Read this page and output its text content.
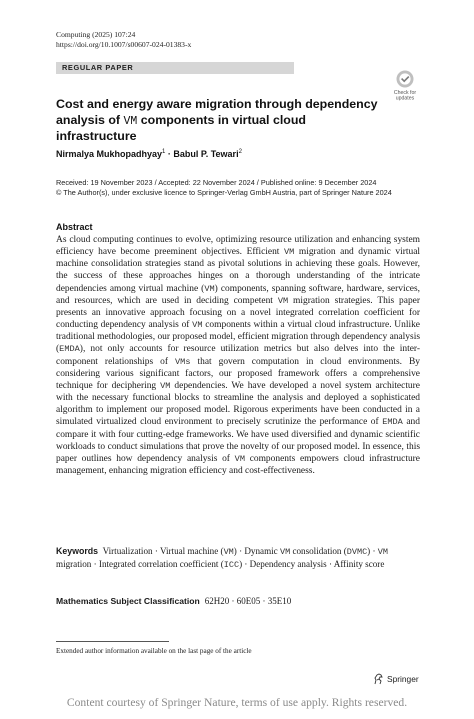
Computing (2025) 107:24
https://doi.org/10.1007/s00607-024-01383-x
REGULAR PAPER
Check for
updates
Cost and energy aware migration through dependency analysis of VM components in virtual cloud infrastructure
Nirmalya Mukhopadhyay$^1$ · Babul P. Tewari$^2$
Received: 19 November 2023 / Accepted: 22 November 2024 / Published online: 9 December 2024
© The Author(s), under exclusive licence to Springer-Verlag GmbH Austria, part of Springer Nature 2024
Abstract
As cloud computing continues to evolve, optimizing resource utilization and enhancing system efficiency have become preeminent objectives. Efficient VM migration and dynamic virtual machine consolidation strategies stand as pivotal solutions in achieving these goals. However, the success of these approaches hinges on a thorough understanding of the intricate dependencies among virtual machine (VM) components, spanning software, hardware, services, and resources, which are used in deciding competent VM migration strategies. This paper presents an innovative approach focusing on a novel integrated correlation coefficient for conducting dependency analysis of VM components within a virtual cloud infrastructure. Unlike traditional methodologies, our proposed model, efficient migration through dependency analysis (EMDA), not only accounts for resource utilization metrics but also delves into the inter-component relationships of VMs that govern computation in cloud environments. By considering various significant factors, our proposed framework offers a comprehensive technique for deciphering VM dependencies. We have developed a novel system architecture with the necessary functional blocks to streamline the analysis and deployed a sophisticated algorithm to implement our proposed model. Rigorous experiments have been conducted in a simulated virtualized cloud environment to precisely scrutinize the performance of EMDA and compare it with four cutting-edge frameworks. We have used diversified and dynamic scientific workloads to conduct simulations that prove the novelty of our proposed model. In essence, this paper outlines how dependency analysis of VM components empowers cloud infrastructure management, enhancing migration efficiency and cost-effectiveness.
Keywords Virtualization · Virtual machine (VM) · Dynamic VM consolidation (DVMC) · VM migration · Integrated correlation coefficient (ICC) · Dependency analysis · Affinity score
Mathematics Subject Classification 62H20 · 60E05 · 35E10
Extended author information available on the last page of the article
Springer
Content courtesy of Springer Nature, terms of use apply. Rights reserved.
